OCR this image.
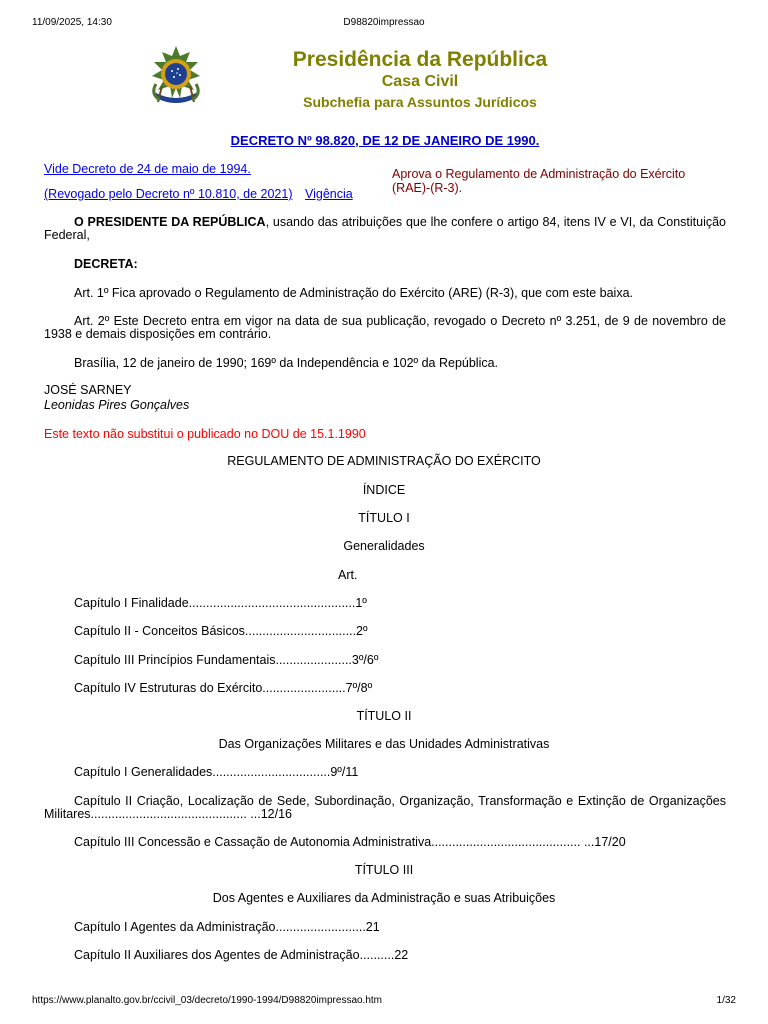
11/09/2025, 14:30	D98820impressao
Presidência da República
Casa Civil
Subchefia para Assuntos Jurídicos
DECRETO Nº 98.820, DE 12 DE JANEIRO DE 1990.
Vide Decreto de 24 de maio de 1994.
(Revogado pelo Decreto nº 10.810, de 2021) Vigência
Aprova o Regulamento de Administração do Exército (RAE)-(R-3).
O PRESIDENTE DA REPÚBLICA, usando das atribuições que lhe confere o artigo 84, itens IV e VI, da Constituição Federal,
DECRETA:
Art. 1º Fica aprovado o Regulamento de Administração do Exército (ARE) (R-3), que com este baixa.
Art. 2º Este Decreto entra em vigor na data de sua publicação, revogado o Decreto nº 3.251, de 9 de novembro de 1938 e demais disposições em contrário.
Brasília, 12 de janeiro de 1990; 169º da Independência e 102º da República.
JOSÉ SARNEY
Leonidas Pires Gonçalves
Este texto não substitui o publicado no DOU de 15.1.1990
REGULAMENTO DE ADMINISTRAÇÃO DO EXÉRCITO
ÍNDICE
TÍTULO I
Generalidades
Art.
Capítulo I Finalidade................................................1º
Capítulo II - Conceitos Básicos................................2º
Capítulo III Princípios Fundamentais......................3º/6º
Capítulo IV Estruturas do Exército........................7º/8º
TÍTULO II
Das Organizações Militares e das Unidades Administrativas
Capítulo I Generalidades..................................9º/11
Capítulo II Criação, Localização de Sede, Subordinação, Organização, Transformação e Extinção de Organizações
Militares............................................. ...12/16
Capítulo III Concessão e Cassação de Autonomia Administrativa........................................... ...17/20
TÍTULO III
Dos Agentes e Auxiliares da Administração e suas Atribuições
Capítulo I Agentes da Administração..........................21
Capítulo II Auxiliares dos Agentes de Administração..........22
https://www.planalto.gov.br/ccivil_03/decreto/1990-1994/D98820impressao.htm	1/32
